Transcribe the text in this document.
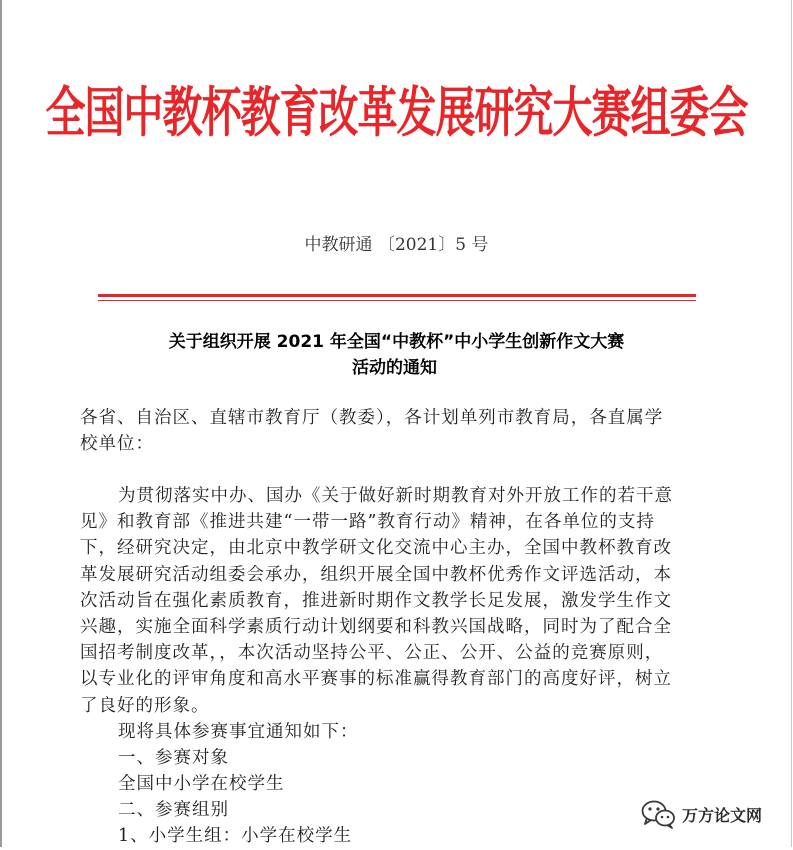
全国中教杯教育改革发展研究大赛组委会
中教研通 〔2021〕5 号
关于组织开展 2021 年全国“中教杯”中小学生创新作文大赛
活动的通知
各省、自治区、直辖市教育厅（教委），各计划单列市教育局，各直属学
校单位：
为贯彻落实中办、国办《关于做好新时期教育对外开放工作的若干意
见》和教育部《推进共建“一带一路”教育行动》精神，在各单位的支持
下，经研究决定，由北京中教学研文化交流中心主办，全国中教杯教育改
革发展研究活动组委会承办，组织开展全国中教杯优秀作文评选活动，本
次活动旨在强化素质教育，推进新时期作文教学长足发展，激发学生作文
兴趣，实施全面科学素质行动计划纲要和科教兴国战略，同时为了配合全
国招考制度改革，，本次活动坚持公平、公正、公开、公益的竞赛原则，
以专业化的评审角度和高水平赛事的标准赢得教育部门的高度好评，树立
了良好的形象。
现将具体参赛事宜通知如下：
一、参赛对象
全国中小学在校学生
二、参赛组别
1、小学生组：小学在校学生
万方论文网
